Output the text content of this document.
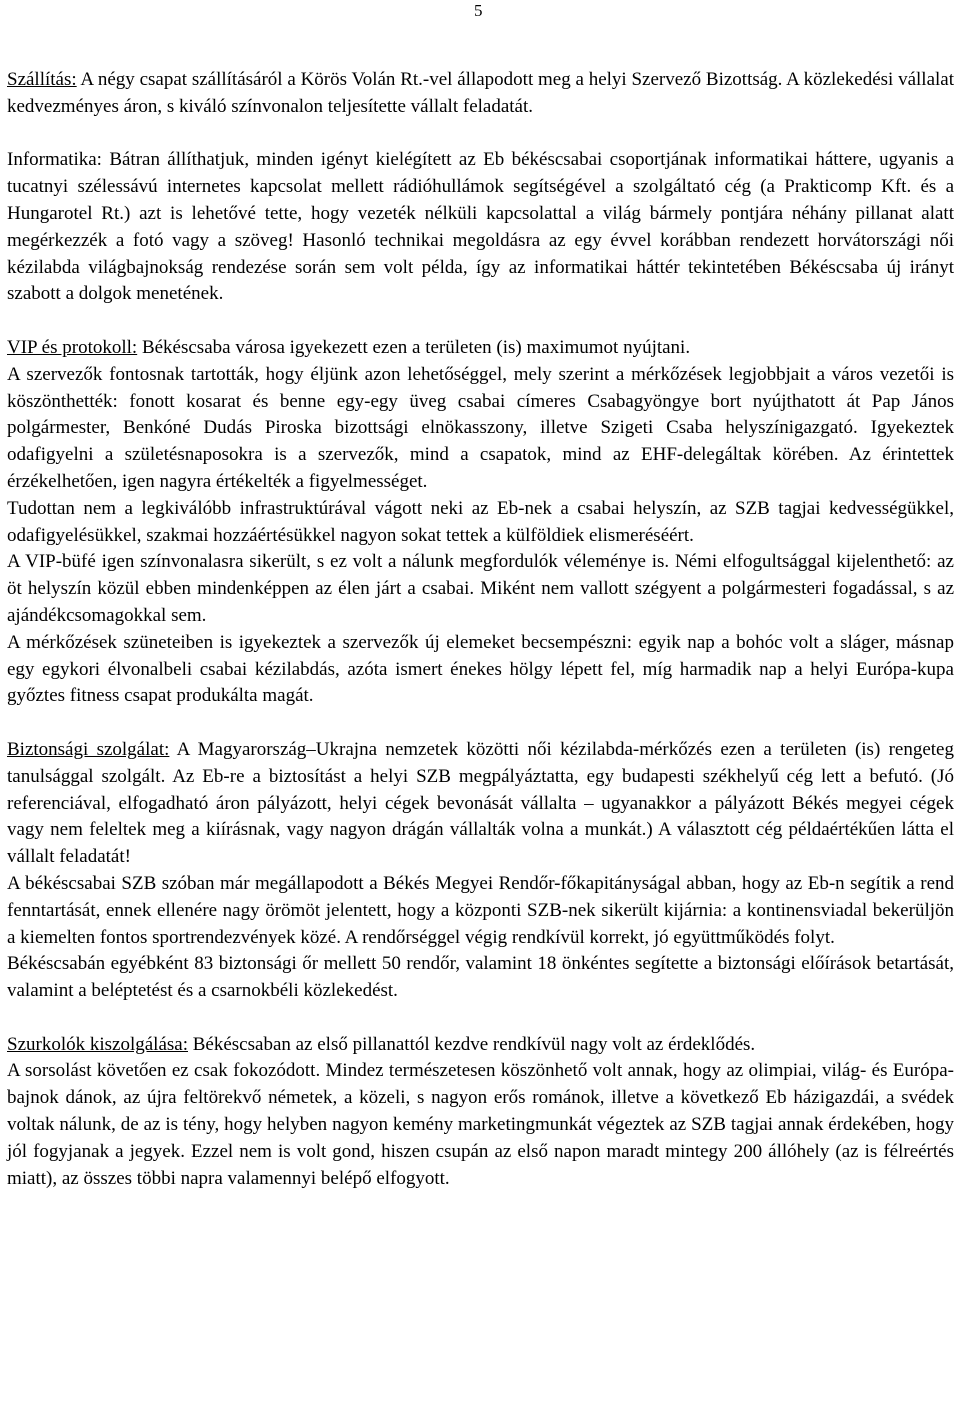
5

Szállítás: A négy csapat szállításáról a Körös Volán Rt.-vel állapodott meg a helyi Szervező Bizottság. A közlekedési vállalat kedvezményes áron, s kiváló színvonalon teljesítette vállalt feladatát.

Informatika: Bátran állíthatjuk, minden igényt kielégített az Eb békéscsabai csoportjának informatikai háttere, ugyanis a tucatnyi szélessávú internetes kapcsolat mellett rádióhullámok segítségével a szolgáltató cég (a Prakticomp Kft. és a Hungarotel Rt.) azt is lehetővé tette, hogy vezeték nélküli kapcsolattal a világ bármely pontjára néhány pillanat alatt megérkezzék a fotó vagy a szöveg! Hasonló technikai megoldásra az egy évvel korábban rendezett horvátországi női kézilabda világbajnokság rendezése során sem volt példa, így az informatikai háttér tekintetében Békéscsaba új irányt szabott a dolgok menetének.

VIP és protokoll: Békéscsaba városa igyekezett ezen a területen (is) maximumot nyújtani.

A szervezők fontosnak tartották, hogy éljünk azon lehetőséggel, mely szerint a mérkőzések legjobbjait a város vezetői is köszönthették: fonott kosarat és benne egy-egy üveg csabai címeres Csabagyöngye bort nyújthatott át Pap János polgármester, Benkóné Dudás Piroska bizottsági elnökasszony, illetve Szigeti Csaba helyszínigazgató. Igyekeztek odafigyelni a születésnaposokra is a szervezők, mind a csapatok, mind az EHF-delegáltak körében. Az érintettek érzékelhetően, igen nagyra értékelték a figyelmességet.

Tudottan nem a legkiválóbb infrastruktúrával vágott neki az Eb-nek a csabai helyszín, az SZB tagjai kedvességükkel, odafigyelésükkel, szakmai hozzáértésükkel nagyon sokat tettek a külföldiek elismeréséért.

A VIP-büfé igen színvonalasra sikerült, s ez volt a nálunk megfordulók véleménye is. Némi elfogultsággal kijelenthető: az öt helyszín közül ebben mindenképpen az élen járt a csabai. Miként nem vallott szégyent a polgármesteri fogadással, s az ajándékcsomagokkal sem.

A mérkőzések szüneteiben is igyekeztek a szervezők új elemeket becsempészni: egyik nap a bohóc volt a sláger, másnap egy egykori élvonalbeli csabai kézilabdás, azóta ismert énekes hölgy lépett fel, míg harmadik nap a helyi Európa-kupa győztes fitness csapat produkálta magát.

Biztonsági szolgálat: A Magyarország–Ukrajna nemzetek közötti női kézilabda-mérkőzés ezen a területen (is) rengeteg tanulsággal szolgált. Az Eb-re a biztosítást a helyi SZB megpályáztatta, egy budapesti székhelyű cég lett a befutó. (Jó referenciával, elfogadható áron pályázott, helyi cégek bevonását vállalta – ugyanakkor a pályázott Békés megyei cégek vagy nem feleltek meg a kiírásnak, vagy nagyon drágán vállalták volna a munkát.) A választott cég példaértékűen látta el vállalt feladatát!

A békéscsabai SZB szóban már megállapodott a Békés Megyei Rendőr-főkapitányságal abban, hogy az Eb-n segítik a rend fenntartását, ennek ellenére nagy örömöt jelentett, hogy a központi SZB-nek sikerült kijárnia: a kontinensviadal bekerüljön a kiemelten fontos sportrendezvények közé. A rendőrséggel végig rendkívül korrekt, jó együttműködés folyt.

Békéscsabán egyébként 83 biztonsági őr mellett 50 rendőr, valamint 18 önkéntes segítette a biztonsági előírások betartását, valamint a beléptetést és a csarnokbéli közlekedést.

Szurkolók kiszolgálása: Békéscsaban az első pillanattól kezdve rendkívül nagy volt az érdeklődés.

A sorsolást követően ez csak fokozódott. Mindez természetesen köszönhető volt annak, hogy az olimpiai, világ- és Európa-bajnok dánok, az újra feltörekvő németek, a közeli, s nagyon erős románok, illetve a következő Eb házigazdái, a svédek voltak nálunk, de az is tény, hogy helyben nagyon kemény marketingmunkát végeztek az SZB tagjai annak érdekében, hogy jól fogyjanak a jegyek. Ezzel nem is volt gond, hiszen csupán az első napon maradt mintegy 200 állóhely (az is félreértés miatt), az összes többi napra valamennyi belépő elfogyott.
